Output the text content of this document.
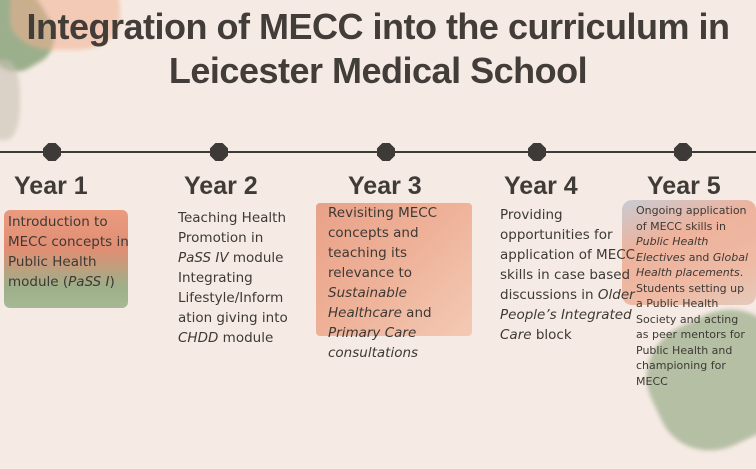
Integration of MECC into the curriculum in
Leicester Medical School
Year 1	Year 2	Year 3	Year 4	Year 5
Introduction to MECC concepts in Public Health module (PaSS I)
Teaching Health Promotion in PaSS IV module Integrating Lifestyle/Inform ation giving into CHDD module
Revisiting MECC concepts and teaching its relevance to Sustainable Healthcare and Primary Care consultations
Providing opportunities for application of MECC skills in case based discussions in Older People’s Integrated Care block
Ongoing application of MECC skills in Public Health Electives and Global Health placements. Students setting up a Public Health Society and acting as peer mentors for Public Health and championing for MECC
